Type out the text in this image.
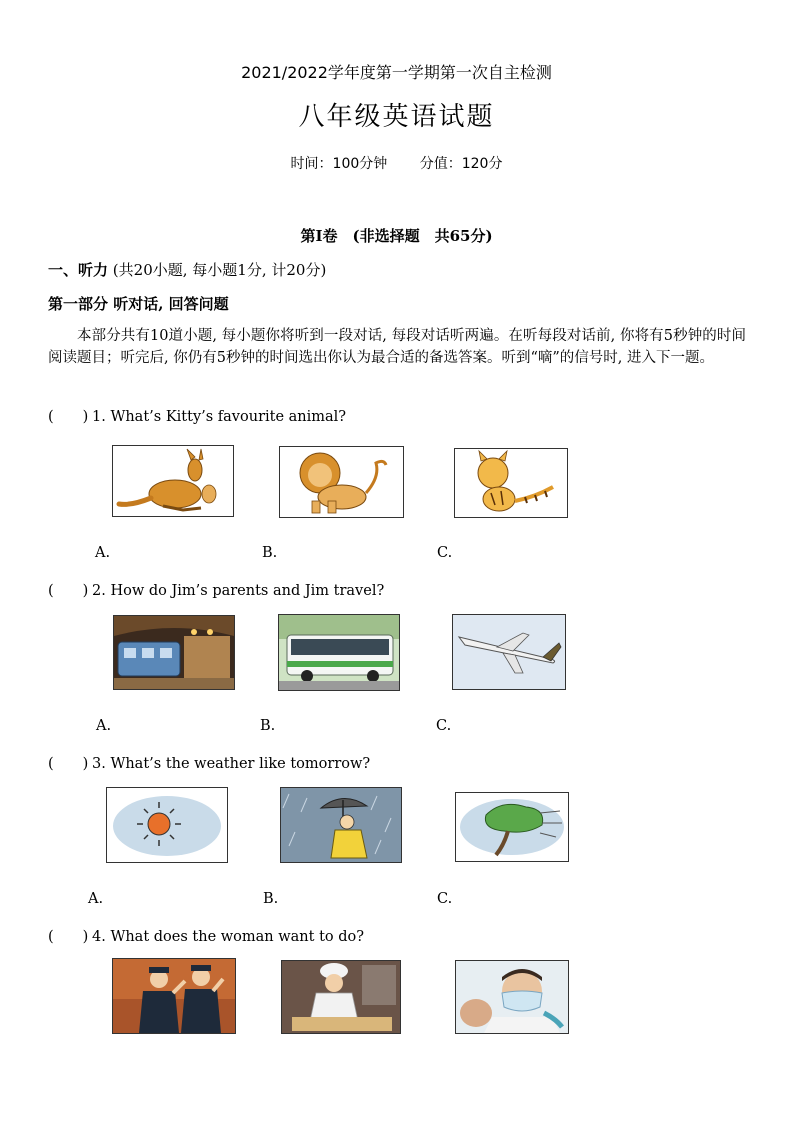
2021/2022学年度第一学期第一次自主检测
八年级英语试题
时间：100分钟 分值：120分
第I卷　(非选择题　共65分)
一、听力 (共20小题, 每小题1分, 计20分)
第一部分 听对话, 回答问题
本部分共有10道小题, 每小题你将听到一段对话, 每段对话听两遍。在听每段对话前, 你将有5秒钟的时间阅读题目；听完后, 你仍有5秒钟的时间选出你认为最合适的备选答案。听到“嘀”的信号时, 进入下一题。
(　　) 1. What’s Kitty’s favourite animal?
A.	B.	C.
(　　) 2. How do Jim’s parents and Jim travel?
A.	B.	C.
(　　) 3. What’s the weather like tomorrow?
A.	B.	C.
(　　) 4. What does the woman want to do?
